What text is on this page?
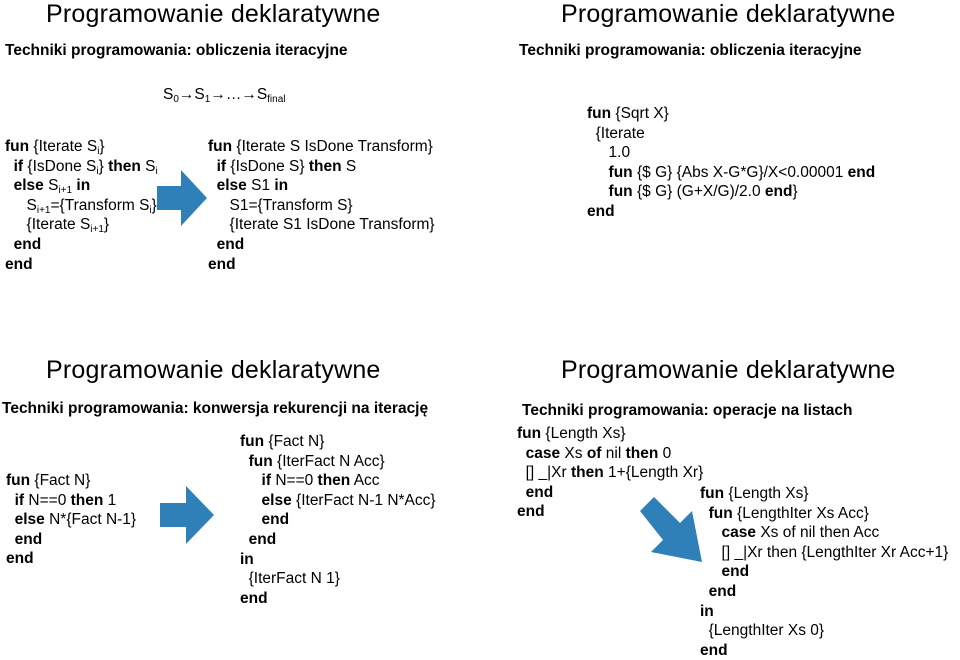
Programowanie deklaratywne
Techniki programowania: obliczenia iteracyjne
$S_0\to S_1\to\dots\to S_{final}$
fun {Iterate $S_i$}
if {IsDone $S_i$} then $S_i$
else $S_{i+1}$ in
$S_{i+1}=\{Transform$ $S_i$}
{Iterate $S_{i+1}$}
end
end
fun {Iterate S IsDone Transform}
if {IsDone S} then S
else S1 in
S1={Transform S}
{Iterate S1 IsDone Transform}
end
end
Programowanie deklaratywne
Techniki programowania: obliczenia iteracyjne
fun {Sqrt X}
{Iterate
1.0
fun {$ G} {Abs X-G*G}/X<0.00001 end
fun {$ G} (G+X/G)/2.0 end}
end
Programowanie deklaratywne
Techniki programowania: konwersja rekurencji na iterację
fun {Fact N}
if N==0 then 1
else N*{Fact N-1}
end
end
fun {Fact N}
fun {IterFact N Acc}
if N==0 then Acc
else {IterFact N-1 N*Acc}
end
end
in
{IterFact N 1}
end
Programowanie deklaratywne
Techniki programowania: operacje na listach
fun {Length Xs}
case Xs of nil then 0
[] _|Xr then 1+{Length Xr}
end
end
fun {Length Xs}
fun {LengthIter Xs Acc}
case Xs of nil then Acc
[] _|Xr then {LengthIter Xr Acc+1}
end
end
in
{LengthIter Xs 0}
end
